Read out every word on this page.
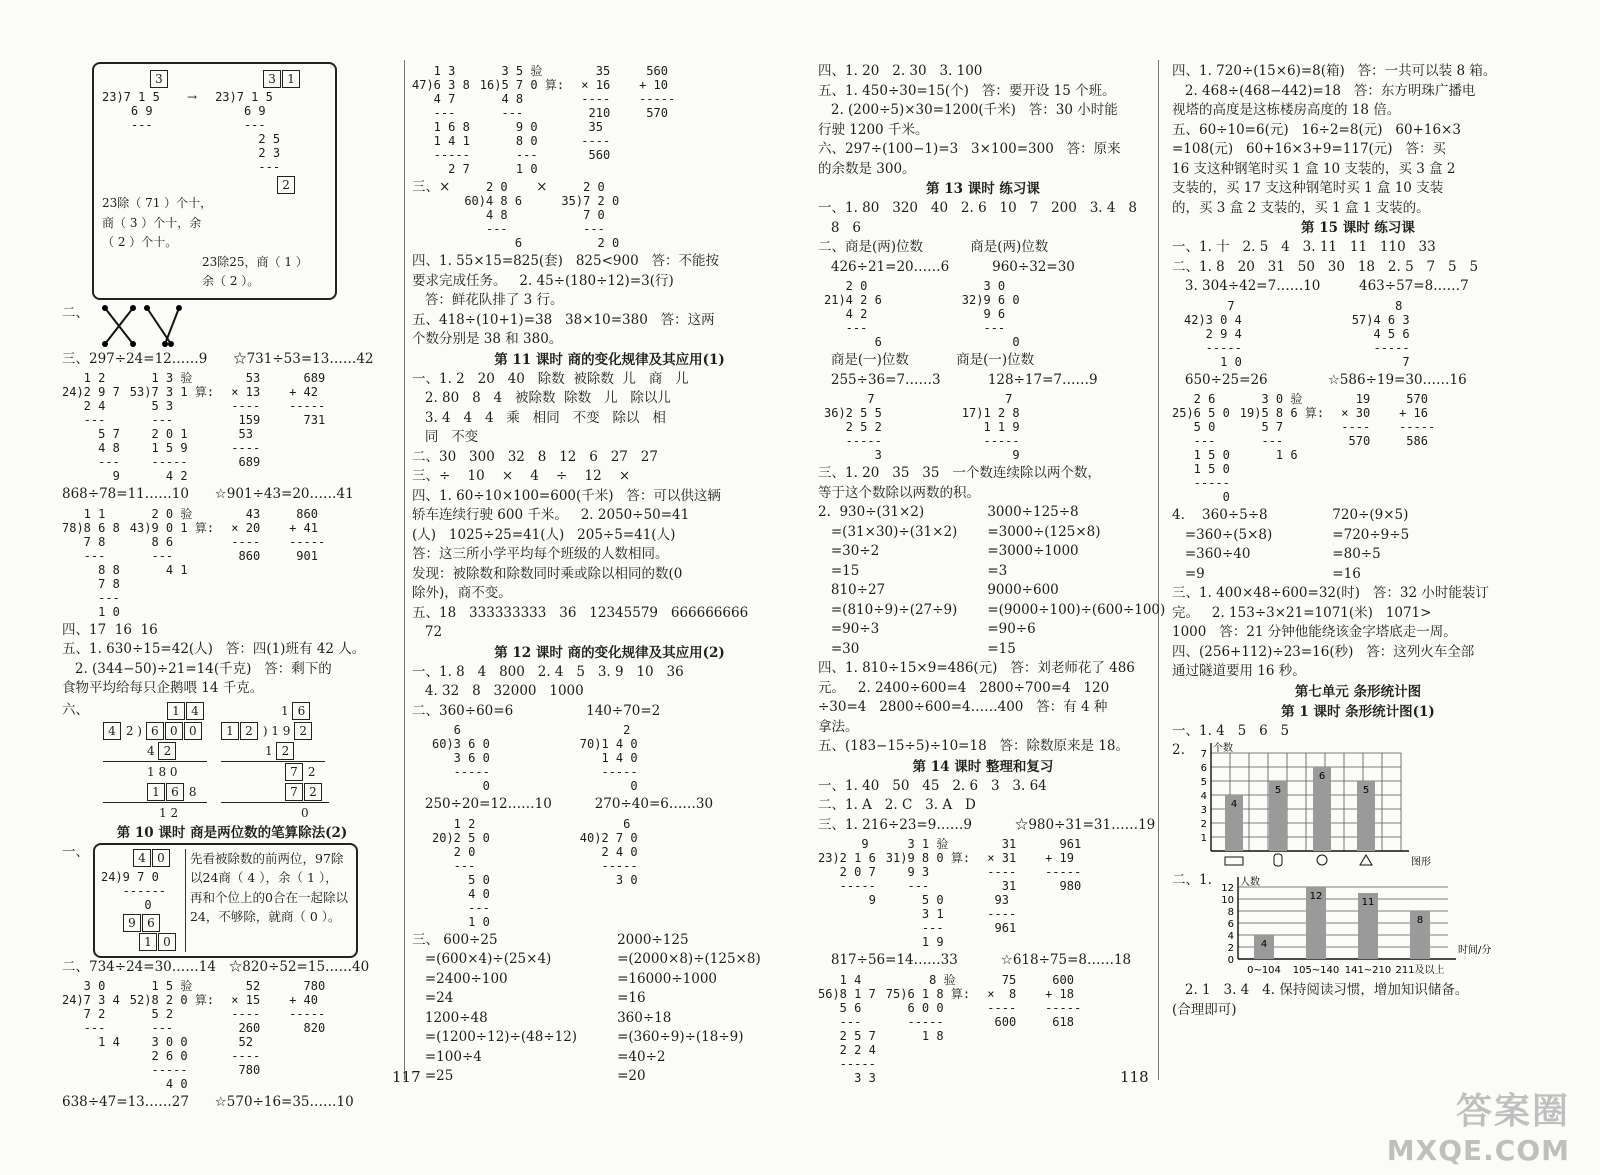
3
23)7 1 5
6 9
---
→
3 1
23)7 1 5
6 9
---
2 5
2 3
---
2
23除（ 71 ）个十，
商（ 3 ）个十，余
（ 2 ）个十。
23除25，商（ 1 ）
余（ 2 ）。
二、
三、297÷24=12……9      ☆731÷53=13……42
1 2
24)2 9 7
2 4
---
5 7
4 8
---
9
1 3 验
53)7 3 1 算:
5 3
---
2 0 1
1 5 9
-----
4 2
53      689
× 13    + 42
----    -----
159      731
53
----
689
868÷78=11……10      ☆901÷43=20……41
1 1
78)8 6 8
7 8
---
8 8
7 8
---
1 0
2 0 验
43)9 0 1 算:
8 6
---
4 1
43     860
× 20    + 41
----    -----
860     901
四、17  16  16
五、1. 630÷15=42(人)   答：四(1)班有 42 人。
2. (344−50)÷21=14(千克)   答：剩下的
食物平均给每只企鹅喂 14 千克。
六、	1 4
4 2 ) 6 0 0
4 2
1 8 0
1 6 8
1 2
1 6
1 2 ) 1 9 2
1 2
7 2
7 2
0
第 10 课时 商是两位数的笔算除法(2)
一、	4 0
24)9 7 0
------
0
9 6
1 0
先看被除数的前两位，97除以24商（ 4 ），余（ 1 ），再和个位上的0合在一起除以24，不够除，就商（ 0 ）。
二、734÷24=30……14   ☆820÷52=15……40
3 0
24)7 3 4
7 2
---
1 4
1 5 验
52)8 2 0 算:
5 2
---
3 0 0
2 6 0
-----
4 0
52      780
× 15    + 40
----    -----
260      820
52
----
780
638÷47=13……27      ☆570÷16=35……10
1 3
47)6 3 8
4 7
---
1 6 8
1 4 1
-----
2 7
3 5 验
16)5 7 0 算:
4 8
---
9 0
8 0
---
1 0
35     560
× 16    + 10
----    -----
210     570
35
----
560
三、×	2 0
60)4 8 6
4 8
---
6
×	2 0
35)7 2 0
7 0
---
2 0
四、1. 55×15=825(套)   825<900   答：不能按
要求完成任务。   2. 45÷(180÷12)=3(行)
答：鲜花队排了 3 行。
五、418÷(10+1)=38   38×10=380   答：这两
个数分别是 38 和 380。
第 11 课时 商的变化规律及其应用(1)
一、1. 2   20   40   除数  被除数  儿   商   儿
2. 80   8   4   被除数  除数   儿   除以儿
3. 4   4   4   乘   相同   不变   除以   相
同   不变
二、30   300   32   8   12   6   27   27
三、÷    10    ×    4    ÷    12    ×
四、1. 60÷10×100=600(千米)   答：可以供这辆
轿车连续行驶 600 千米。   2. 2050÷50=41
(人)   1025÷25=41(人)   205÷5=41(人)
答：这三所小学平均每个班级的人数相同。
发现：被除数和除数同时乘或除以相同的数(0
除外)，商不变。
五、18   333333333   36   12345579   666666666
72
第 12 课时 商的变化规律及其应用(2)
一、1. 8   4   800   2. 4   5   3. 9   10   36
4. 32   8   32000   1000
二、360÷60=6                 140÷70=2
6
60)3 6 0
3 6 0
-----
0
2
70)1 4 0
1 4 0
-----
0
250÷20=12……10          270÷40=6……30
1 2
20)2 5 0
2 0
---
5 0
4 0
---
1 0
6
40)2 7 0
2 4 0
-----
3 0
三、 600÷25
=(600×4)÷(25×4)
=2400÷100
=24
1200÷48
=(1200÷12)÷(48÷12)
=100÷4
=25
2000÷125
=(2000×8)÷(125×8)
=16000÷1000
=16
360÷18
=(360÷9)÷(18÷9)
=40÷2
=20
四、1. 20   2. 30   3. 100
五、1. 450÷30=15(个)   答：要开设 15 个班。
2. (200÷5)×30=1200(千米)   答：30 小时能
行驶 1200 千米。
六、297÷(100−1)=3   3×100=300   答：原来
的余数是 300。
第 13 课时 练习课
一、1. 80   320   40   2. 6   10   7   200   3. 4   8
8   6
二、商是(两)位数           商是(两)位数
426÷21=20……6          960÷32=30
2 0
21)4 2 6
4 2
---
6
3 0
32)9 6 0
9 6
---
0
商是(一)位数           商是(一)位数
255÷36=7……3           128÷17=7……9
7
36)2 5 5
2 5 2
-----
3
7
17)1 2 8
1 1 9
-----
9
三、1. 20   35   35   一个数连续除以两个数，
等于这个数除以两数的积。
2.  930÷(31×2)
=(31×30)÷(31×2)
=30÷2
=15
810÷27
=(810÷9)÷(27÷9)
=90÷3
=30
3000÷125÷8
=3000÷(125×8)
=3000÷1000
=3
9000÷600
=(9000÷100)÷(600÷100)
=90÷6
=15
四、1. 810÷15×9=486(元)   答：刘老师花了 486
元。   2. 2400÷600=4   2800÷700=4   120
÷30=4   2800÷600=4……400   答：有 4 种
拿法。
五、(183−15÷5)÷10=18   答：除数原来是 18。
第 14 课时 整理和复习
一、1. 40   50   45   2. 6   3   3. 64
二、1. A   2. C   3. A   D
三、1. 216÷23=9……9          ☆980÷31=31……19
9
23)2 1 6
2 0 7
-----
9
3 1 验
31)9 8 0 算:
9 3
---
5 0
3 1
---
1 9
31      961
× 31    + 19
----    -----
31      980
93
----
961
817÷56=14……33          ☆618÷75=8……18
1 4
56)8 1 7
5 6
---
2 5 7
2 2 4
-----
3 3
8 验
75)6 1 8 算:
6 0 0
-----
1 8
75     600
×  8    + 18
----    -----
600     618
四、1. 720÷(15×6)=8(箱)   答：一共可以装 8 箱。
2. 468÷(468−442)=18   答：东方明珠广播电
视塔的高度是这栋楼房高度的 18 倍。
五、60÷10=6(元)   16÷2=8(元)   60+16×3
=108(元)   60+16×3+9=117(元)   答：买
16 支这种钢笔时买 1 盒 10 支装的，买 3 盒 2
支装的，买 17 支这种钢笔时买 1 盒 10 支装
的，买 3 盒 2 支装的，买 1 盒 1 支装的。
第 15 课时 练习课
一、1. 十   2. 5   4   3. 11   11   110   33
二、1. 8   20   31   50   30   18   2. 5   7   5   5
3. 304÷42=7……10         463÷57=8……7
7
42)3 0 4
2 9 4
-----
1 0
8
57)4 6 3
4 5 6
-----
7
650÷25=26              ☆586÷19=30……16
2 6
25)6 5 0
5 0
---
1 5 0
1 5 0
-----
0
3 0 验
19)5 8 6 算:
5 7
---
1 6
19     570
× 30    + 16
----    -----
570     586
4.    360÷5÷8
=360÷(5×8)
=360÷40
=9
720÷(9×5)
=720÷9÷5
=80÷5
=16
三、1. 400×48÷600=32(时)   答：32 小时能装订
完。   2. 153÷3×21=1071(米)   1071>
1000   答：21 分钟他能绕该金字塔底走一周。
四、(256+112)÷23=16(秒)   答：这列火车全部
通过隧道要用 16 秒。
第七单元 条形统计图
第 1 课时 条形统计图(1)
一、1. 4   5   6   5
2.
1
2
3
4
5
6
7
个数
图形
4
5
6
5
二、1.
0
2
4
6
8
10
12
人数
时间/分
4
12
11
8
0~104 105~140 141~210 211及以上
2. 1   3. 4   4. 保持阅读习惯，增加知识储备。
(合理即可)
117	118
答案圈
MXQE.COM
